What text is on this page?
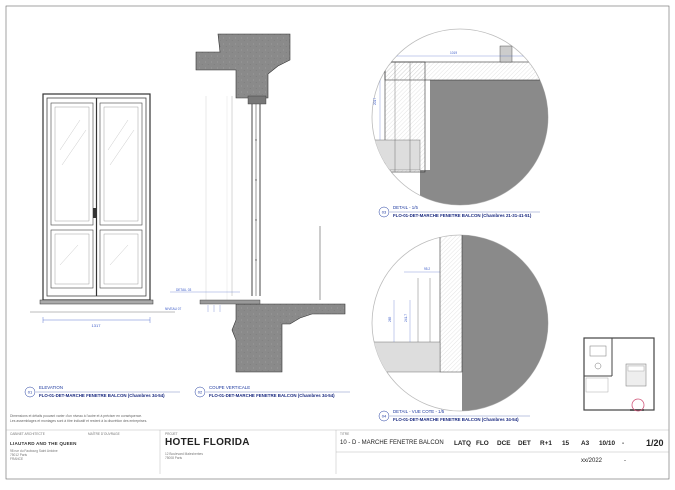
1317
NIVEAU 07
DETAIL 03
1019
2017
95.2
265	241.7
01
ELEVATION
FLO-01-DET-MARCHE FENETRE BALCON (Chambres 34-54)
02
COUPE VERTICALE
FLO-01-DET-MARCHE FENETRE BALCON (Chambres 34-54)
03
DETAIL - 1/5
FLO-01-DET-MARCHE FENETRE BALCON (Chambres 21-31-41-51)
04
DETAIL - VUE COTE - 1/5
FLO-01-DET-MARCHE FENETRE BALCON (Chambres 34-54)
Dimensions et détails pouvant varier d'un niveau à l'autre et à préciser en conséquence.
Les assemblages et montages sont à titre indicatif et restent à la discrétion des entreprises.
CABINET ARCHITECTE	MAÎTRE D'OUVRAGE
LIAUTARD AND THE QUEEN
98 rue du Faubourg Saint Antoine
75012 Paris
FRANCE
PROJET
HOTEL FLORIDA
12 Boulevard Malesherbes
75008 Paris
TITRE
10 - D - MARCHE FENETRE BALCON LATQ FLO DCE DET R+1 15 A3 10/10 - 1/20
xx/2022	-
